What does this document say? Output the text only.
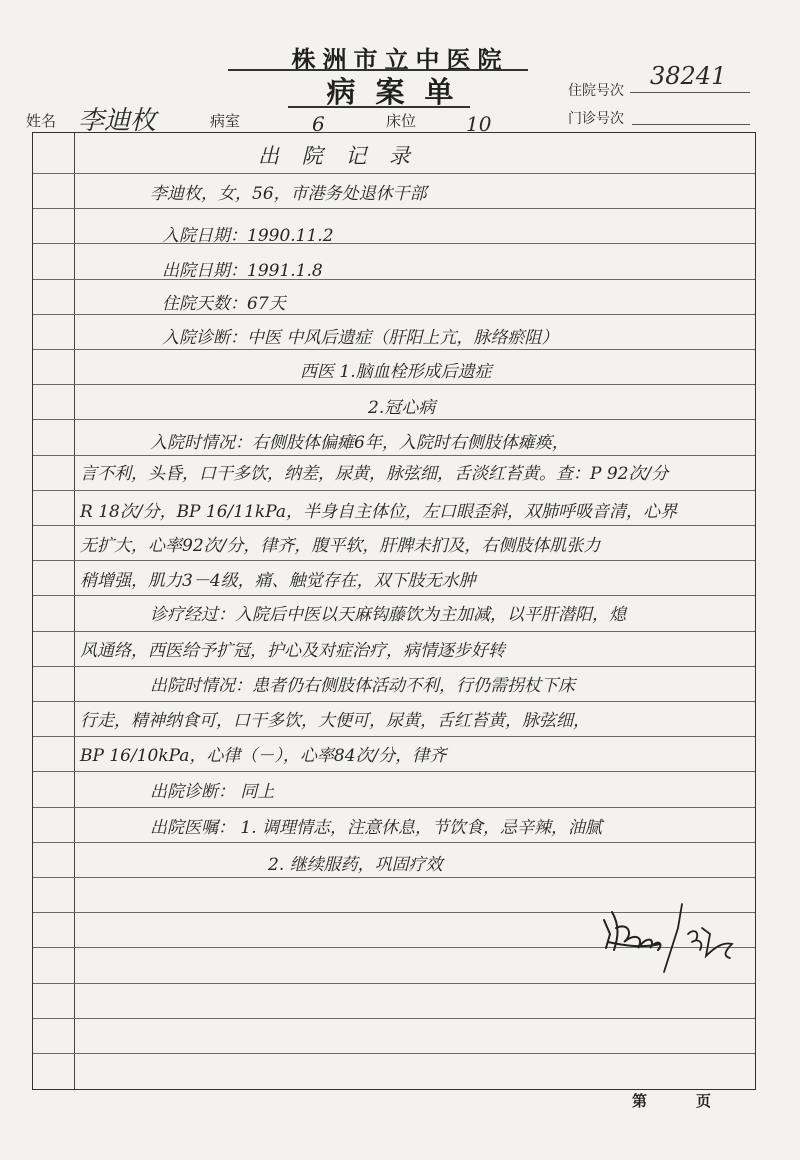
株洲市立中医院
病案单	住院号次
38241
门诊号次
姓名 李迪枚	病室	6	床位 10
出 院 记 录
李迪枚，女，56，市港务处退休干部
入院日期：1990.11.2
出院日期：1991.1.8
住院天数：67天
入院诊断：中医 中风后遗症（肝阳上亢，脉络瘀阻）
西医 1.脑血栓形成后遗症
2.冠心病
入院时情况：右侧肢体偏瘫6年，入院时右侧肢体瘫痪，
言不利，头昏，口干多饮，纳差，尿黄，脉弦细，舌淡红苔黄。查：P 92次/分
R 18次/分，BP 16/11kPa，半身自主体位，左口眼歪斜，双肺呼吸音清，心界
无扩大，心率92次/分，律齐，腹平软，肝脾未扪及，右侧肢体肌张力
稍增强，肌力3－4级，痛、触觉存在，双下肢无水肿
诊疗经过：入院后中医以天麻钩藤饮为主加减，以平肝潜阳，熄
风通络，西医给予扩冠，护心及对症治疗，病情逐步好转
出院时情况：患者仍右侧肢体活动不利，行仍需拐杖下床
行走，精神纳食可，口干多饮，大便可，尿黄，舌红苔黄，脉弦细，
BP 16/10kPa，心律（－），心率84次/分，律齐
出院诊断： 同上
出院医嘱： 1. 调理情志，注意休息，节饮食，忌辛辣，油腻
2. 继续服药，巩固疗效
第	页
